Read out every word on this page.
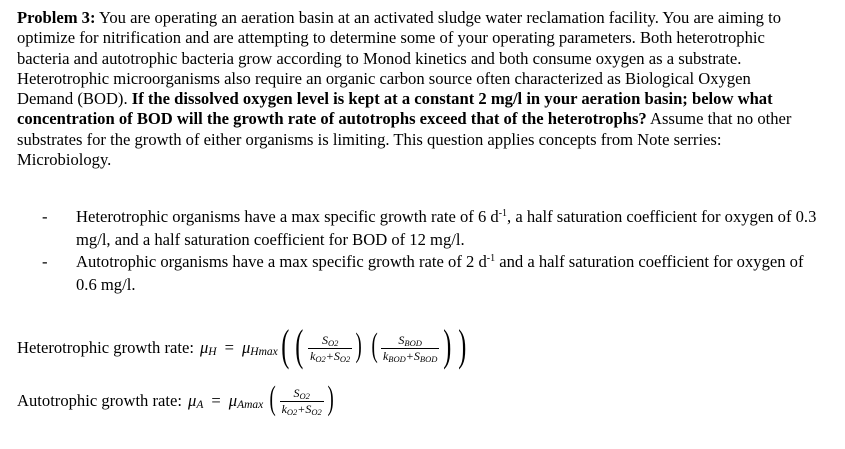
Problem 3: You are operating an aeration basin at an activated sludge water reclamation facility. You are aiming to optimize for nitrification and are attempting to determine some of your operating parameters. Both heterotrophic bacteria and autotrophic bacteria grow according to Monod kinetics and both consume oxygen as a substrate. Heterotrophic microorganisms also require an organic carbon source often characterized as Biological Oxygen Demand (BOD). If the dissolved oxygen level is kept at a constant 2 mg/l in your aeration basin; below what concentration of BOD will the growth rate of autotrophs exceed that of the heterotrophs? Assume that no other substrates for the growth of either organisms is limiting. This question applies concepts from Note serries: Microbiology.

- Heterotrophic organisms have a max specific growth rate of 6 $d^{-1}$, a half saturation coefficient for oxygen of 0.3 mg/l, and a half saturation coefficient for BOD of 12 mg/l.
- Autotrophic organisms have a max specific growth rate of 2 $d^{-1}$ and a half saturation coefficient for oxygen of 0.6 mg/l.
Heterotrophic growth rate: μ H = μ Hmax ( ( $\frac{S_{O2}}{k_{O2}+S_{O2}}$ ) ( $\frac{S_{BOD}}{k_{BOD}+S_{BOD}}$ ) )
Autotrophic growth rate: μ A = μ Amax ( $\frac{S_{O2}}{k_{O2}+S_{O2}}$ )
